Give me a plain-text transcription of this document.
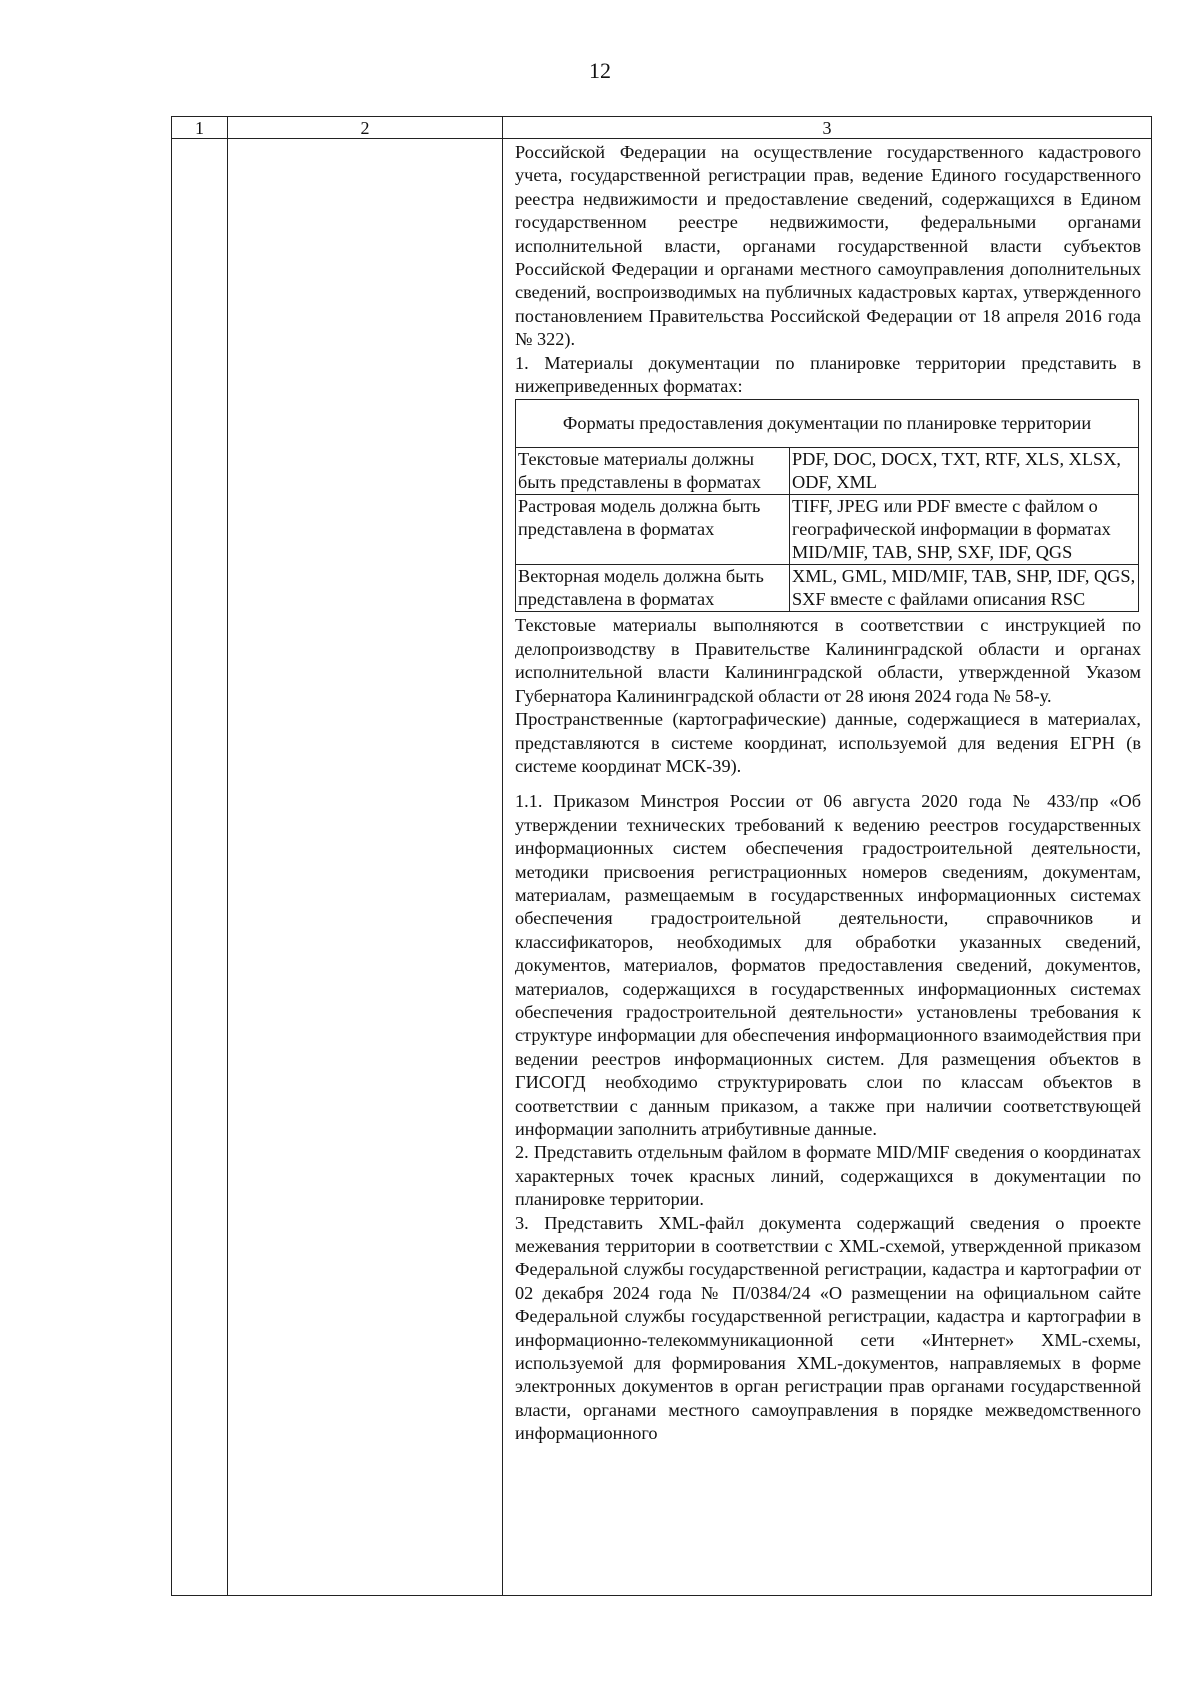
12
1	2	3

Российской Федерации на осуществление государственного кадастрового учета, государственной регистрации прав, ведение Единого государственного реестра недвижимости и предоставление сведений, содержащихся в Едином государственном реестре недвижимости, федеральными органами исполнительной власти, органами государственной власти субъектов Российской Федерации и органами местного самоуправления дополнительных сведений, воспроизводимых на публичных кадастровых картах, утвержденного постановлением Правительства Российской Федерации от 18 апреля 2016 года № 322).

1. Материалы документации по планировке территории представить в нижеприведенных форматах:

Форматы предоставления документации по планировке территории
Текстовые материалы должны быть представлены в форматах	PDF, DOC, DOCX, TXT, RTF, XLS, XLSX, ODF, XML
Растровая модель должна быть представлена в форматах	TIFF, JPEG или PDF вместе с файлом о географической информации в форматах MID/MIF, TAB, SHP, SXF, IDF, QGS
Векторная модель должна быть представлена в форматах	XML, GML, MID/MIF, TAB, SHP, IDF, QGS, SXF вместе с файлами описания RSC

Текстовые материалы выполняются в соответствии с инструкцией по делопроизводству в Правительстве Калининградской области и органах исполнительной власти Калининградской области, утвержденной Указом Губернатора Калининградской области от 28 июня 2024 года № 58-у.

Пространственные (картографические) данные, содержащиеся в материалах, представляются в системе координат, используемой для ведения ЕГРН (в системе координат МСК-39).

1.1. Приказом Минстроя России от 06 августа 2020 года № 433/пр «Об утверждении технических требований к ведению реестров государственных информационных систем обеспечения градостроительной деятельности, методики присвоения регистрационных номеров сведениям, документам, материалам, размещаемым в государственных информационных системах обеспечения градостроительной деятельности, справочников и классификаторов, необходимых для обработки указанных сведений, документов, материалов, форматов предоставления сведений, документов, материалов, содержащихся в государственных информационных системах обеспечения градостроительной деятельности» установлены требования к структуре информации для обеспечения информационного взаимодействия при ведении реестров информационных систем. Для размещения объектов в ГИСОГД необходимо структурировать слои по классам объектов в соответствии с данным приказом, а также при наличии соответствующей информации заполнить атрибутивные данные.

2. Представить отдельным файлом в формате MID/MIF сведения о координатах характерных точек красных линий, содержащихся в документации по планировке территории.

3. Представить XML-файл документа содержащий сведения о проекте межевания территории в соответствии с XML-схемой, утвержденной приказом Федеральной службы государственной регистрации, кадастра и картографии от 02 декабря 2024 года № П/0384/24 «О размещении на официальном сайте Федеральной службы государственной регистрации, кадастра и картографии в информационно-телекоммуникационной сети «Интернет» XML-схемы, используемой для формирования XML-документов, направляемых в форме электронных документов в орган регистрации прав органами государственной власти, органами местного самоуправления в порядке межведомственного информационного
